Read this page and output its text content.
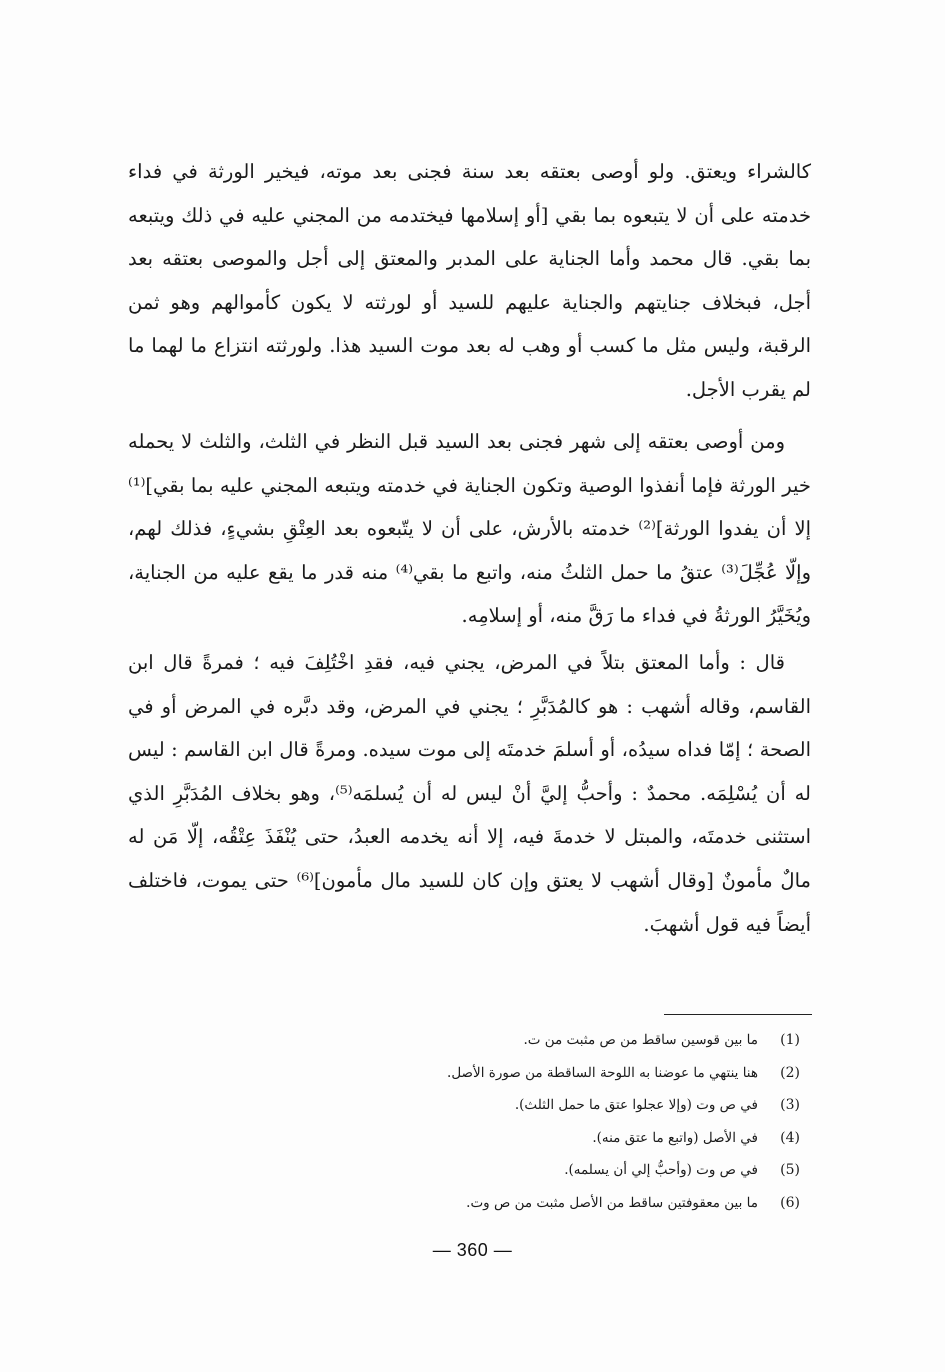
كالشراء ويعتق. ولو أوصى بعتقه بعد سنة فجنى بعد موته، فيخير الورثة في فداء خدمته على أن لا يتبعوه بما بقي [أو إسلامها فيختدمه من المجني عليه في ذلك ويتبعه بما بقي. قال محمد وأما الجناية على المدبر والمعتق إلى أجل والموصى بعتقه بعد أجل، فبخلاف جنايتهم والجناية عليهم للسيد أو لورثته لا يكون كأموالهم وهو ثمن الرقبة، وليس مثل ما كسب أو وهب له بعد موت السيد هذا. ولورثته انتزاع ما لهما ما لم يقرب الأجل.

ومن أوصى بعتقه إلى شهر فجنى بعد السيد قبل النظر في الثلث، والثلث لا يحمله خير الورثة فإما أنفذوا الوصية وتكون الجناية في خدمته ويتبعه المجني عليه بما بقي]⁽¹⁾ إلا أن يفدوا الورثة]⁽²⁾ خدمته بالأرش، على أن لا يتّبعوه بعد العِتْقِ بشيءٍ، فذلك لهم، وإلّا عُجِّلَ⁽³⁾ عتقُ ما حمل الثلثُ منه، واتبع ما بقي⁽⁴⁾ منه قدر ما يقع عليه من الجناية، ويُخَيَّرُ الورثةُ في فداء ما رَقَّ منه، أو إسلامِه.

قال : وأما المعتق بتلاً في المرض، يجني فيه، فقدِ اخْتُلِفَ فيه ؛ فمرةً قال ابن القاسم، وقاله أشهب : هو كالمُدَبَّرِ ؛ يجني في المرض، وقد دبَّره في المرض أو في الصحة ؛ إمّا فداه سيدُه، أو أسلمَ خدمتَه إلى موت سيده. ومرةً قال ابن القاسم : ليس له أن يُسْلِمَه. محمدٌ : وأحبُّ إليَّ أنْ ليس له أن يُسلمَه⁽⁵⁾، وهو بخلاف المُدَبَّرِ الذي استثنى خدمتَه، والمبتل لا خدمةَ فيه، إلا أنه يخدمه العبدُ، حتى يُنْفَذَ عِتْقُه، إلّا مَن له مالٌ مأمونٌ [وقال أشهب لا يعتق وإن كان للسيد مال مأمون]⁽⁶⁾ حتى يموت، فاختلف أيضاً فيه قول أشهبَ.

(1)
ما بين قوسين ساقط من ص مثبت من ت.
(2)
هنا ينتهي ما عوضنا به اللوحة الساقطة من صورة الأصل.
(3)
في ص وت (وإلا عجلوا عتق ما حمل الثلث).
(4)
في الأصل (واتبع ما عتق منه).
(5)
في ص وت (وأحبُّ إلي أن يسلمه).
(6)
ما بين معقوفتين ساقط من الأصل مثبت من ص وت.
— 360 —
